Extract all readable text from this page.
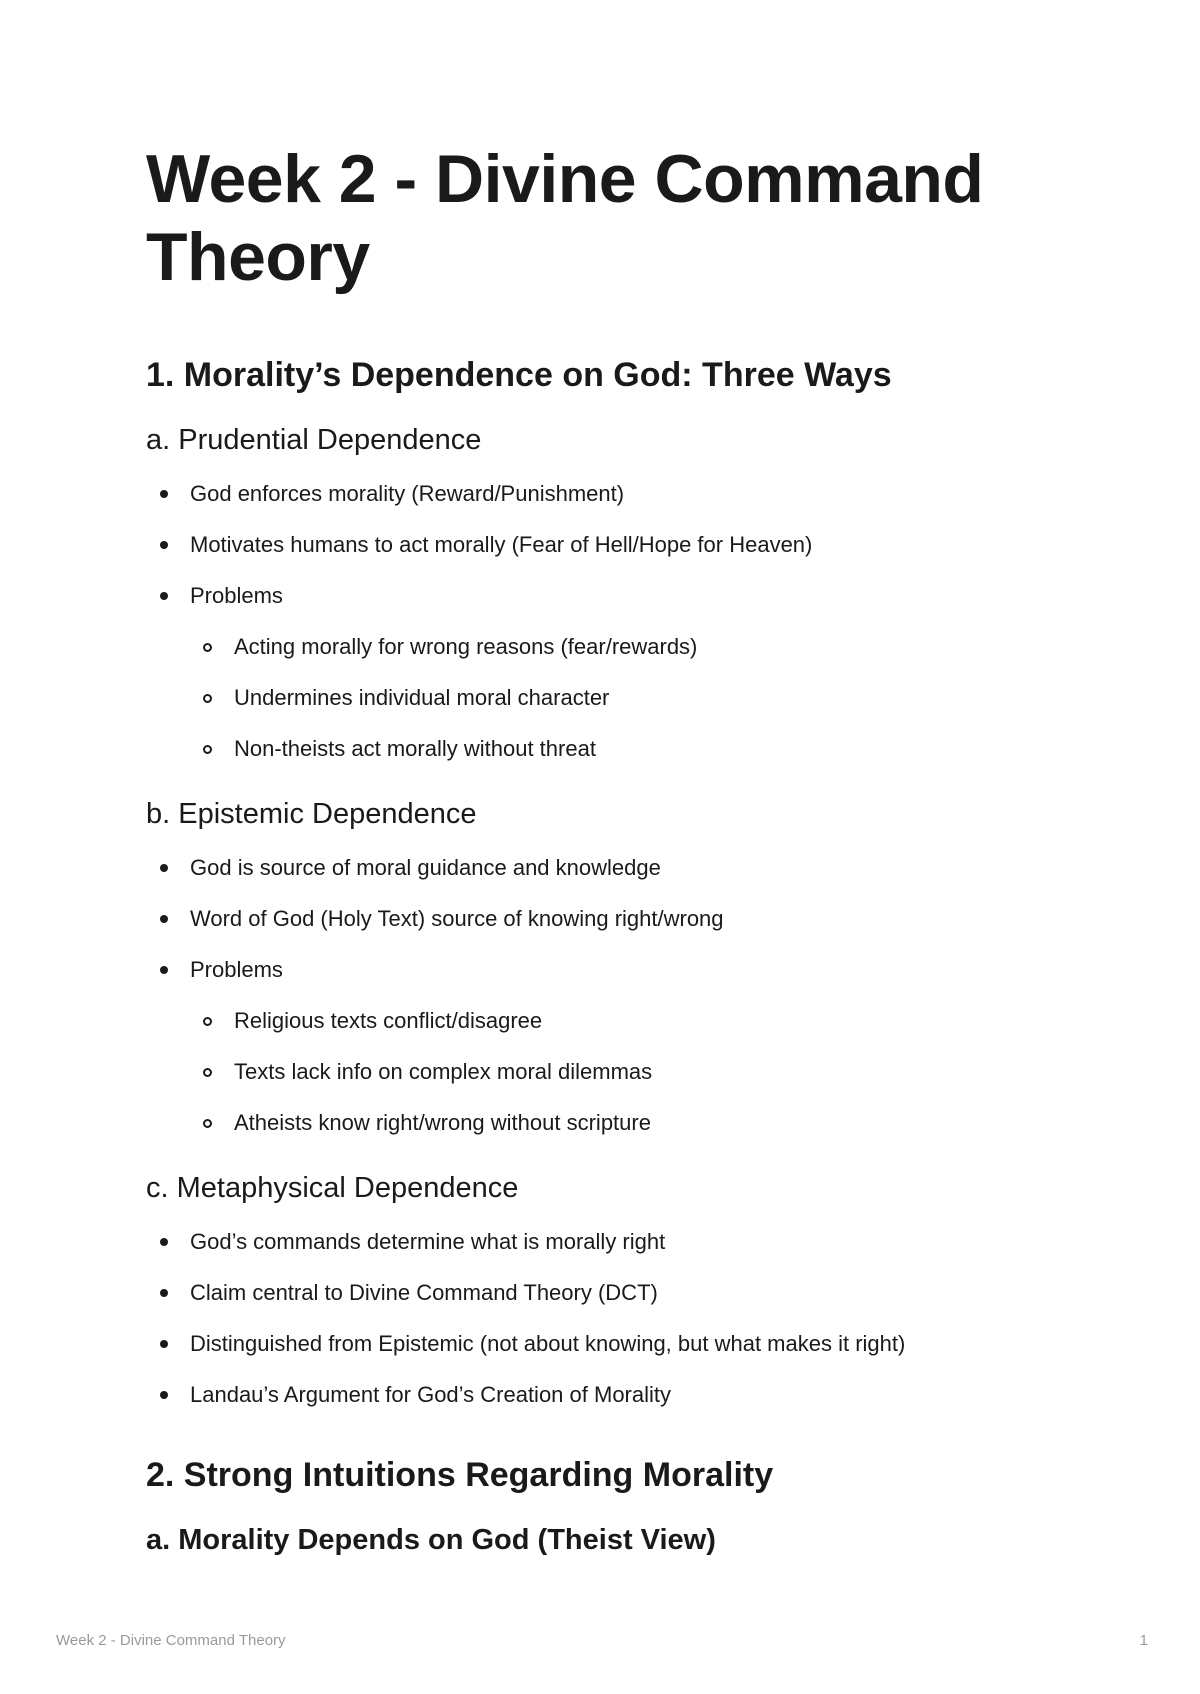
Week 2 - Divine Command Theory
1. Morality’s Dependence on God: Three Ways
a. Prudential Dependence
God enforces morality (Reward/Punishment)
Motivates humans to act morally (Fear of Hell/Hope for Heaven)
Problems
Acting morally for wrong reasons (fear/rewards)
Undermines individual moral character
Non-theists act morally without threat
b. Epistemic Dependence
God is source of moral guidance and knowledge
Word of God (Holy Text) source of knowing right/wrong
Problems
Religious texts conflict/disagree
Texts lack info on complex moral dilemmas
Atheists know right/wrong without scripture
c. Metaphysical Dependence
God’s commands determine what is morally right
Claim central to Divine Command Theory (DCT)
Distinguished from Epistemic (not about knowing, but what makes it right)
Landau’s Argument for God’s Creation of Morality
2. Strong Intuitions Regarding Morality
a. Morality Depends on God (Theist View)
Week 2 - Divine Command Theory	1
